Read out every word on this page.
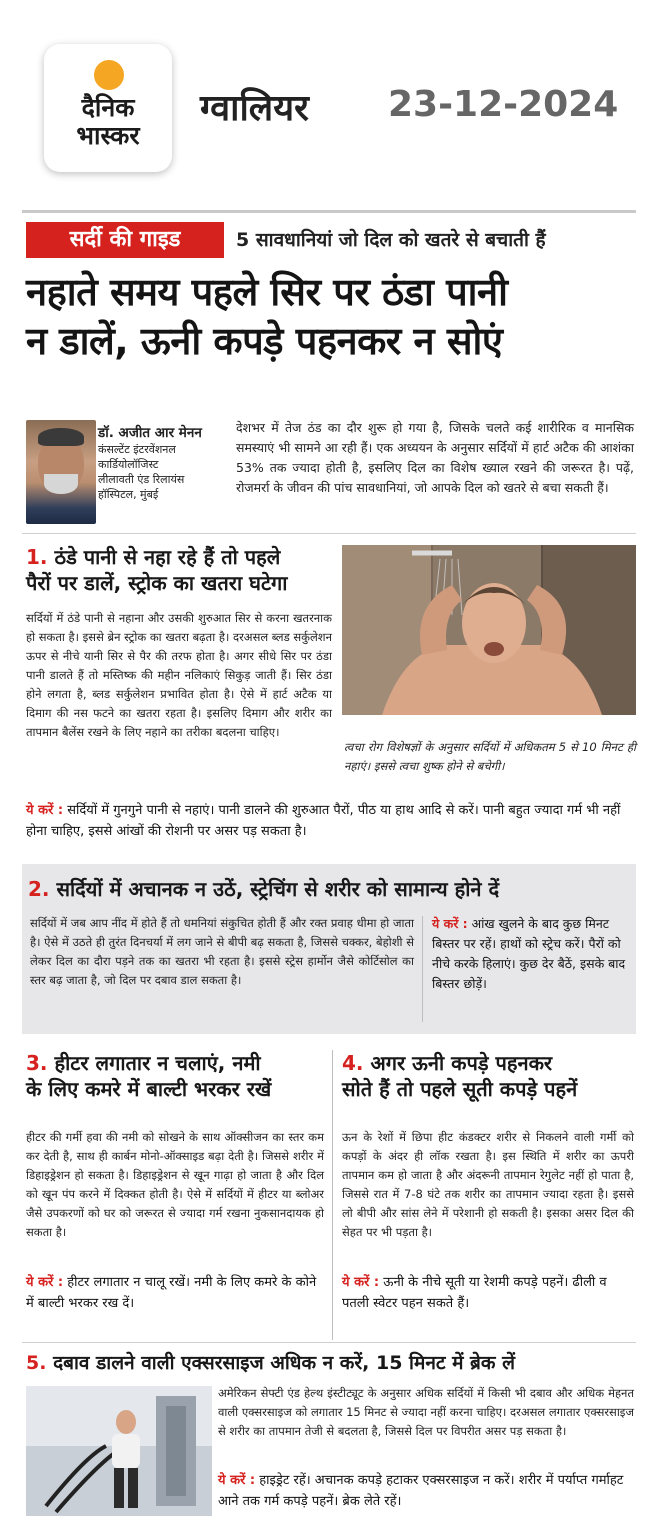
दैनिक
भास्कर
ग्वालियर 23-12-2024
सर्दी की गाइड	5 सावधानियां जो दिल को खतरे से बचाती हैं
नहाते समय पहले सिर पर ठंडा पानी
न डालें, ऊनी कपड़े पहनकर न सोएं
डॉ. अजीत आर मेनन
कंसल्टेंट इंटरवेंशनल
कार्डियोलॉजिस्ट
लीलावती एंड रिलायंस
हॉस्पिटल, मुंबई
देशभर में तेज ठंड का दौर शुरू हो गया है, जिसके चलते कई शारीरिक व मानसिक समस्याएं भी सामने आ रही हैं। एक अध्ययन के अनुसार सर्दियों में हार्ट अटैक की आशंका 53% तक ज्यादा होती है, इसलिए दिल का विशेष ख्याल रखने की जरूरत है। पढ़ें, रोजमर्रा के जीवन की पांच सावधानियां, जो आपके दिल को खतरे से बचा सकती हैं।
1. ठंडे पानी से नहा रहे हैं तो पहले
पैरों पर डालें, स्ट्रोक का खतरा घटेगा
सर्दियों में ठंडे पानी से नहाना और उसकी शुरुआत सिर से करना खतरनाक हो सकता है। इससे ब्रेन स्ट्रोक का खतरा बढ़ता है। दरअसल ब्लड सर्कुलेशन ऊपर से नीचे यानी सिर से पैर की तरफ होता है। अगर सीधे सिर पर ठंडा पानी डालते हैं तो मस्तिष्क की महीन नलिकाएं सिकुड़ जाती हैं। सिर ठंडा होने लगता है, ब्लड सर्कुलेशन प्रभावित होता है। ऐसे में हार्ट अटैक या दिमाग की नस फटने का खतरा रहता है। इसलिए दिमाग और शरीर का तापमान बैलेंस रखने के लिए नहाने का तरीका बदलना चाहिए।
त्वचा रोग विशेषज्ञों के अनुसार सर्दियों में अधिकतम 5 से 10 मिनट ही नहाएं। इससे त्वचा शुष्क होने से बचेगी।
ये करें : सर्दियों में गुनगुने पानी से नहाएं। पानी डालने की शुरुआत पैरों, पीठ या हाथ आदि से करें। पानी बहुत ज्यादा गर्म भी नहीं होना चाहिए, इससे आंखों की रोशनी पर असर पड़ सकता है।
2. सर्दियों में अचानक न उठें, स्ट्रेचिंग से शरीर को सामान्य होने दें
सर्दियों में जब आप नींद में होते हैं तो धमनियां संकुचित होती हैं और रक्त प्रवाह धीमा हो जाता है। ऐसे में उठते ही तुरंत दिनचर्या में लग जाने से बीपी बढ़ सकता है, जिससे चक्कर, बेहोशी से लेकर दिल का दौरा पड़ने तक का खतरा भी रहता है। इससे स्ट्रेस हार्मोन जैसे कोर्टिसोल का स्तर बढ़ जाता है, जो दिल पर दबाव डाल सकता है।
ये करें : आंख खुलने के बाद कुछ मिनट बिस्तर पर रहें। हाथों को स्ट्रेच करें। पैरों को नीचे करके हिलाएं। कुछ देर बैठें, इसके बाद बिस्तर छोड़ें।
3. हीटर लगातार न चलाएं, नमी
के लिए कमरे में बाल्टी भरकर रखें
हीटर की गर्मी हवा की नमी को सोखने के साथ ऑक्सीजन का स्तर कम कर देती है, साथ ही कार्बन मोनो-ऑक्साइड बढ़ा देती है। जिससे शरीर में डिहाइड्रेशन हो सकता है। डिहाइड्रेशन से खून गाढ़ा हो जाता है और दिल को खून पंप करने में दिक्कत होती है। ऐसे में सर्दियों में हीटर या ब्लोअर जैसे उपकरणों को घर को जरूरत से ज्यादा गर्म रखना नुकसानदायक हो सकता है।
ये करें : हीटर लगातार न चालू रखें। नमी के लिए कमरे के कोने में बाल्टी भरकर रख दें।
4. अगर ऊनी कपड़े पहनकर
सोते हैं तो पहले सूती कपड़े पहनें
ऊन के रेशों में छिपा हीट कंडक्टर शरीर से निकलने वाली गर्मी को कपड़ों के अंदर ही लॉक रखता है। इस स्थिति में शरीर का ऊपरी तापमान कम हो जाता है और अंदरूनी तापमान रेगुलेट नहीं हो पाता है, जिससे रात में 7-8 घंटे तक शरीर का तापमान ज्यादा रहता है। इससे लो बीपी और सांस लेने में परेशानी हो सकती है। इसका असर दिल की सेहत पर भी पड़ता है।
ये करें : ऊनी के नीचे सूती या रेशमी कपड़े पहनें। ढीली व पतली स्वेटर पहन सकते हैं।
5. दबाव डालने वाली एक्सरसाइज अधिक न करें, 15 मिनट में ब्रेक लें
अमेरिकन सेफ्टी एंड हेल्थ इंस्टीट्यूट के अनुसार अधिक सर्दियों में किसी भी दबाव और अधिक मेहनत वाली एक्सरसाइज को लगातार 15 मिनट से ज्यादा नहीं करना चाहिए। दरअसल लगातार एक्सरसाइज से शरीर का तापमान तेजी से बदलता है, जिससे दिल पर विपरीत असर पड़ सकता है।
ये करें : हाइड्रेट रहें। अचानक कपड़े हटाकर एक्सरसाइज न करें। शरीर में पर्याप्त गर्माहट आने तक गर्म कपड़े पहनें। ब्रेक लेते रहें।
